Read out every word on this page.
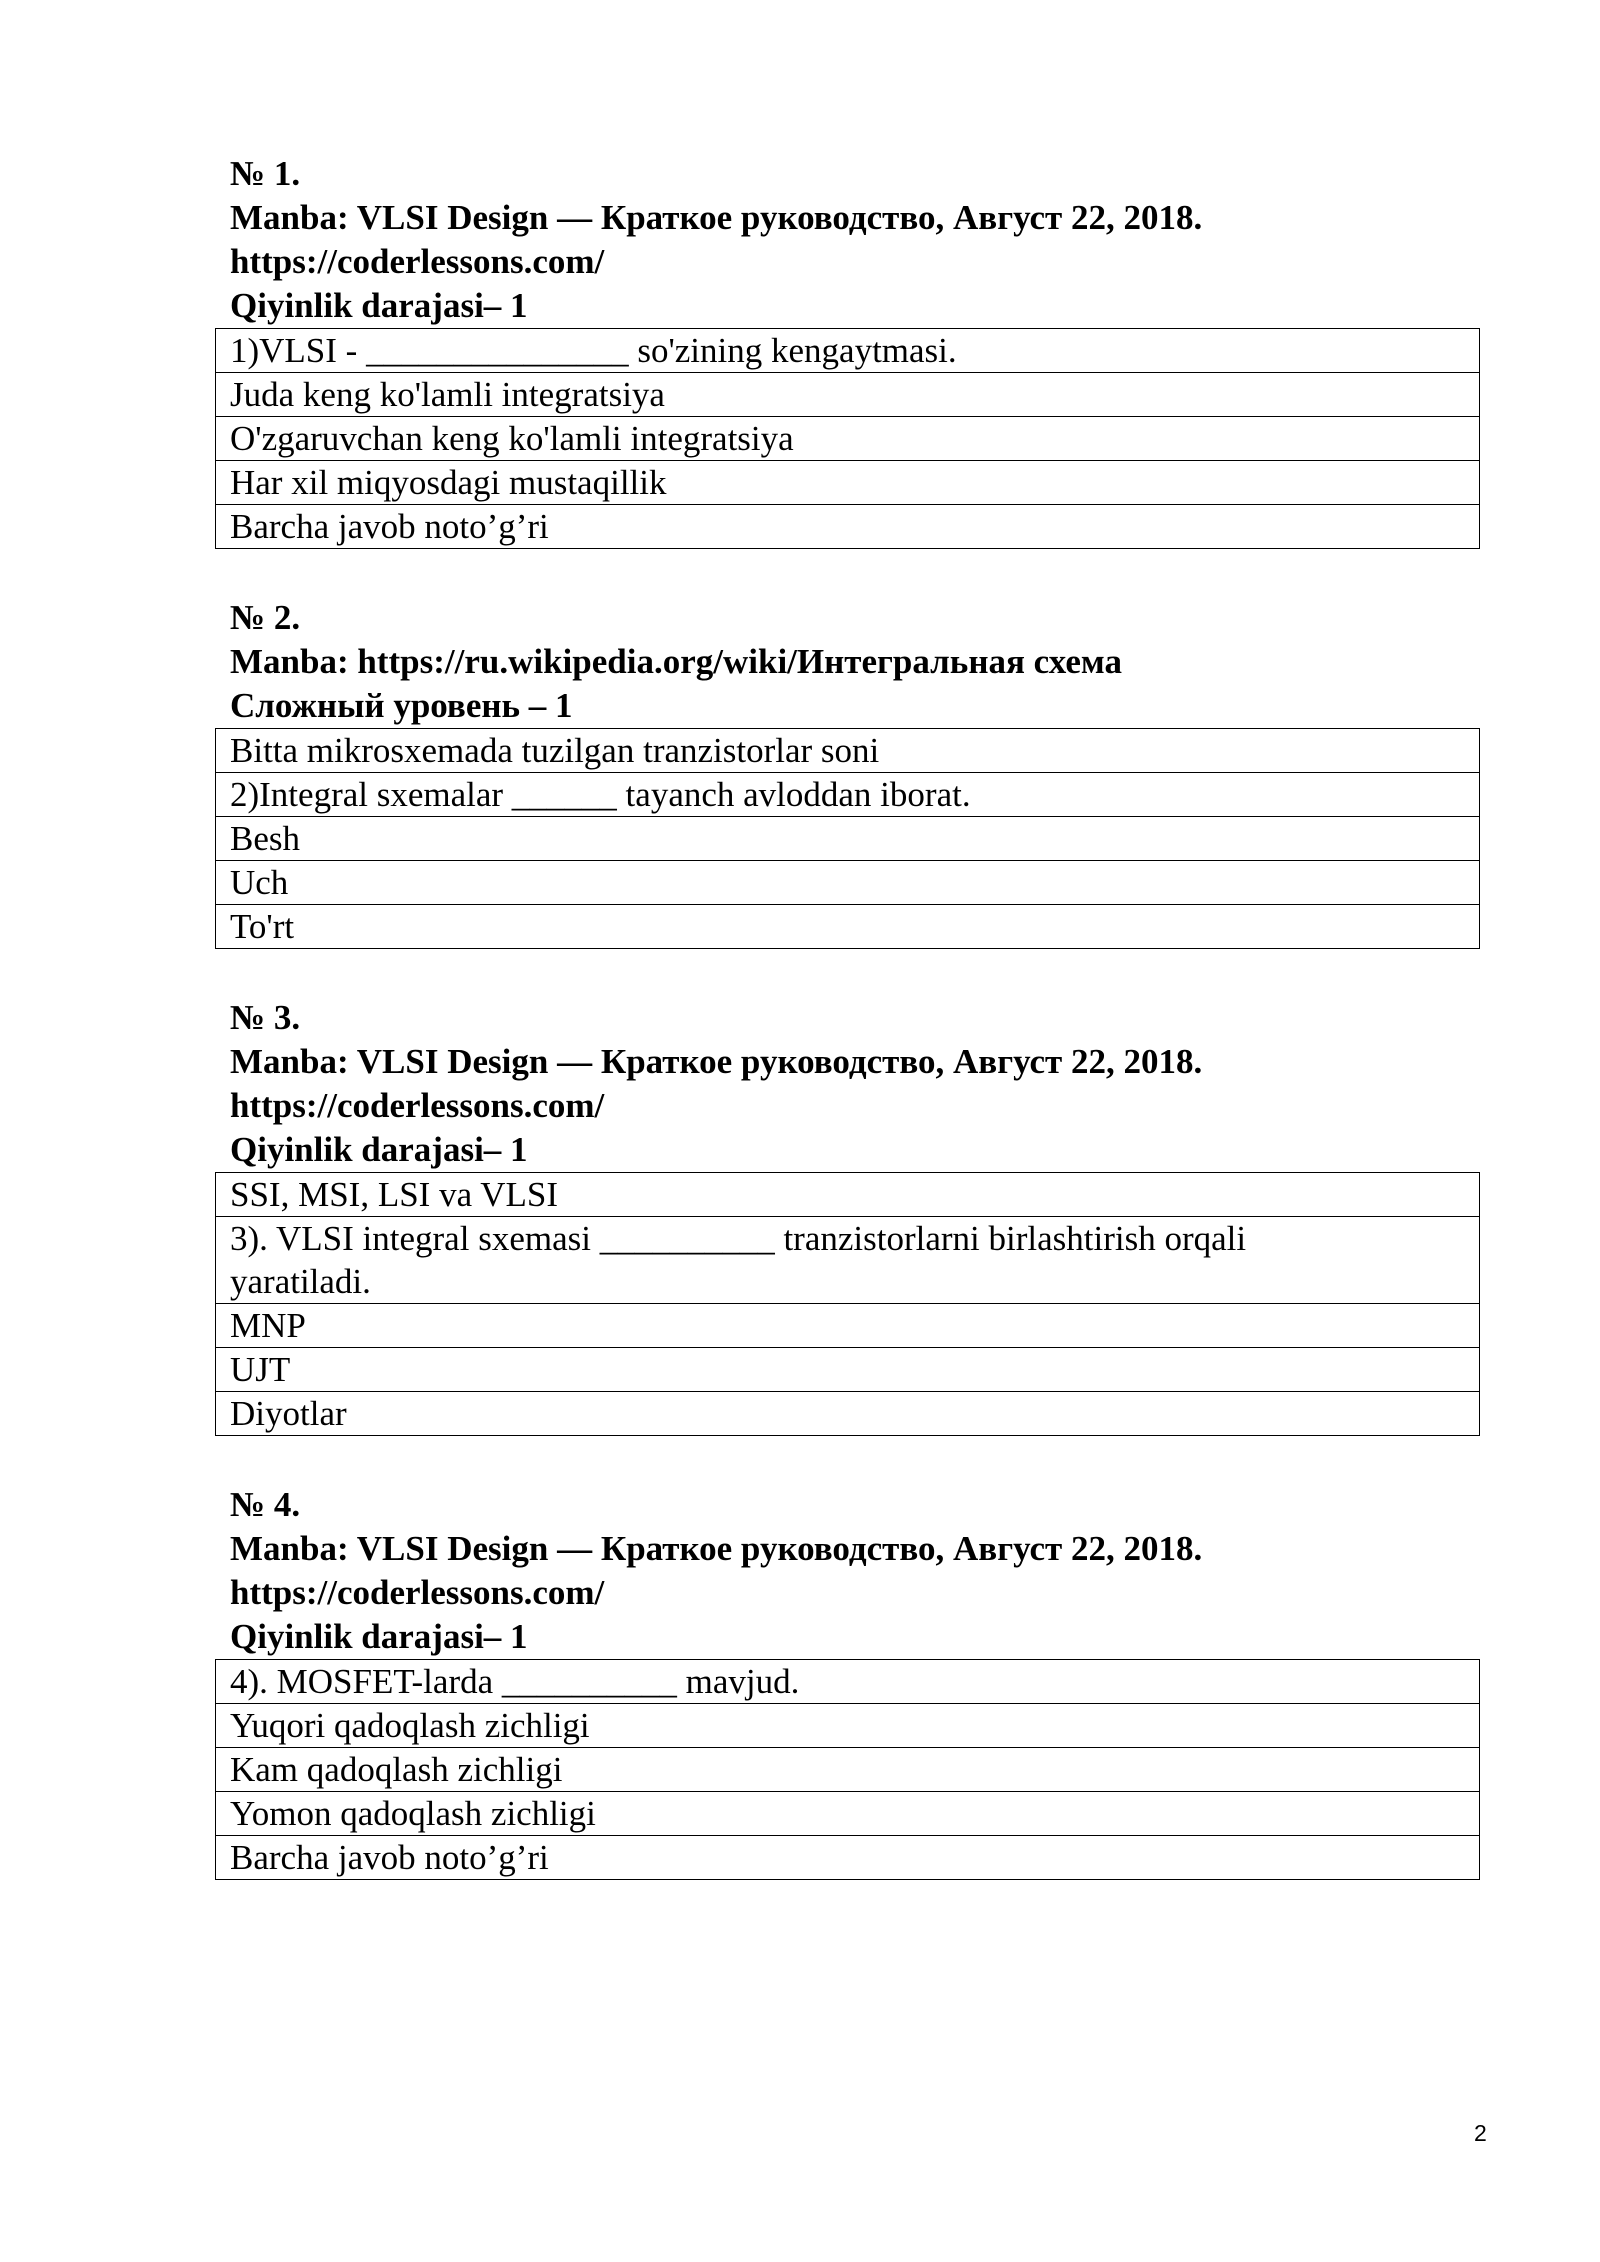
№ 1.
Manba: VLSI Design — Краткое руководство, Август 22, 2018.
https://coderlessons.com/
Qiyinlik darajasi– 1
1)VLSI - _______________ so'zining kengaytmasi.
Juda keng ko'lamli integratsiya
O'zgaruvchan keng ko'lamli integratsiya
Har xil miqyosdagi mustaqillik
Barcha javob noto’g’ri
№ 2.
Manba: https://ru.wikipedia.org/wiki/Интегральная схема
Сложный уровень – 1
Bitta mikrosxemada tuzilgan tranzistorlar soni
2)Integral sxemalar ______ tayanch avloddan iborat.
Besh
Uch
To'rt
№ 3.
Manba: VLSI Design — Краткое руководство, Август 22, 2018.
https://coderlessons.com/
Qiyinlik darajasi– 1
SSI, MSI, LSI va VLSI
3). VLSI integral sxemasi __________ tranzistorlarni birlashtirish orqali yaratiladi.
MNP
UJT
Diyotlar
№ 4.
Manba: VLSI Design — Краткое руководство, Август 22, 2018.
https://coderlessons.com/
Qiyinlik darajasi– 1
4). MOSFET-larda __________ mavjud.
Yuqori qadoqlash zichligi
Kam qadoqlash zichligi
Yomon qadoqlash zichligi
Barcha javob noto’g’ri
2
